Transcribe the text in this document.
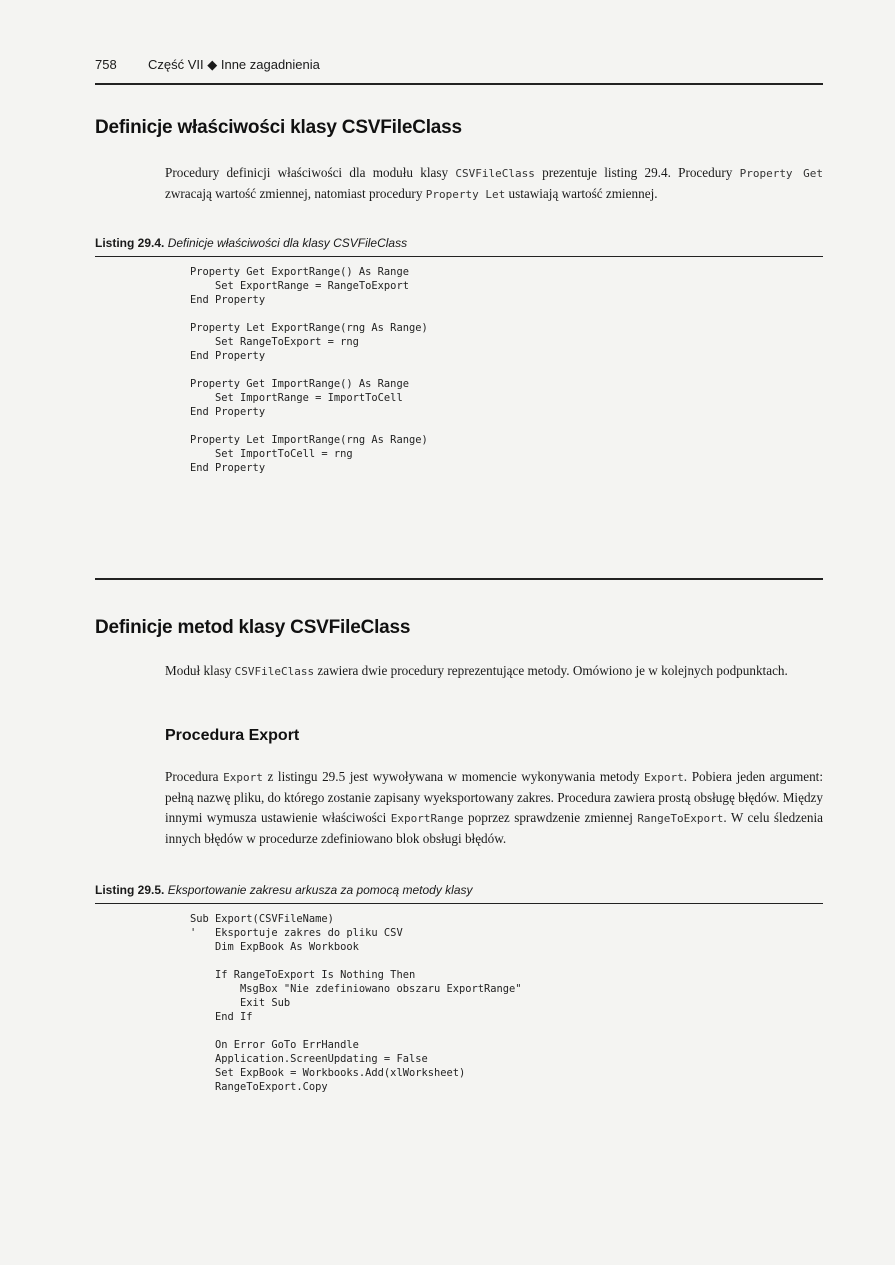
758 Część VII ◆ Inne zagadnienia
Definicje właściwości klasy CSVFileClass

Procedury definicji właściwości dla modułu klasy CSVFileClass prezentuje listing 29.4. Procedury Property Get zwracają wartość zmiennej, natomiast procedury Property Let ustawiają wartość zmiennej.

Listing 29.4. Definicje właściwości dla klasy CSVFileClass
Property Get ExportRange() As Range
Set ExportRange = RangeToExport
End Property

Property Let ExportRange(rng As Range)
Set RangeToExport = rng
End Property

Property Get ImportRange() As Range
Set ImportRange = ImportToCell
End Property

Property Let ImportRange(rng As Range)
Set ImportToCell = rng
End Property

Definicje metod klasy CSVFileClass

Moduł klasy CSVFileClass zawiera dwie procedury reprezentujące metody. Omówiono je w kolejnych podpunktach.

Procedura Export

Procedura Export z listingu 29.5 jest wywoływana w momencie wykonywania metody Export. Pobiera jeden argument: pełną nazwę pliku, do którego zostanie zapisany wyeksportowany zakres. Procedura zawiera prostą obsługę błędów. Między innymi wymusza ustawienie właściwości ExportRange poprzez sprawdzenie zmiennej RangeToExport. W celu śledzenia innych błędów w procedurze zdefiniowano blok obsługi błędów.

Listing 29.5. Eksportowanie zakresu arkusza za pomocą metody klasy
Sub Export(CSVFileName)
'   Eksportuje zakres do pliku CSV
Dim ExpBook As Workbook

If RangeToExport Is Nothing Then
MsgBox "Nie zdefiniowano obszaru ExportRange"
Exit Sub
End If

On Error GoTo ErrHandle
Application.ScreenUpdating = False
Set ExpBook = Workbooks.Add(xlWorksheet)
RangeToExport.Copy
